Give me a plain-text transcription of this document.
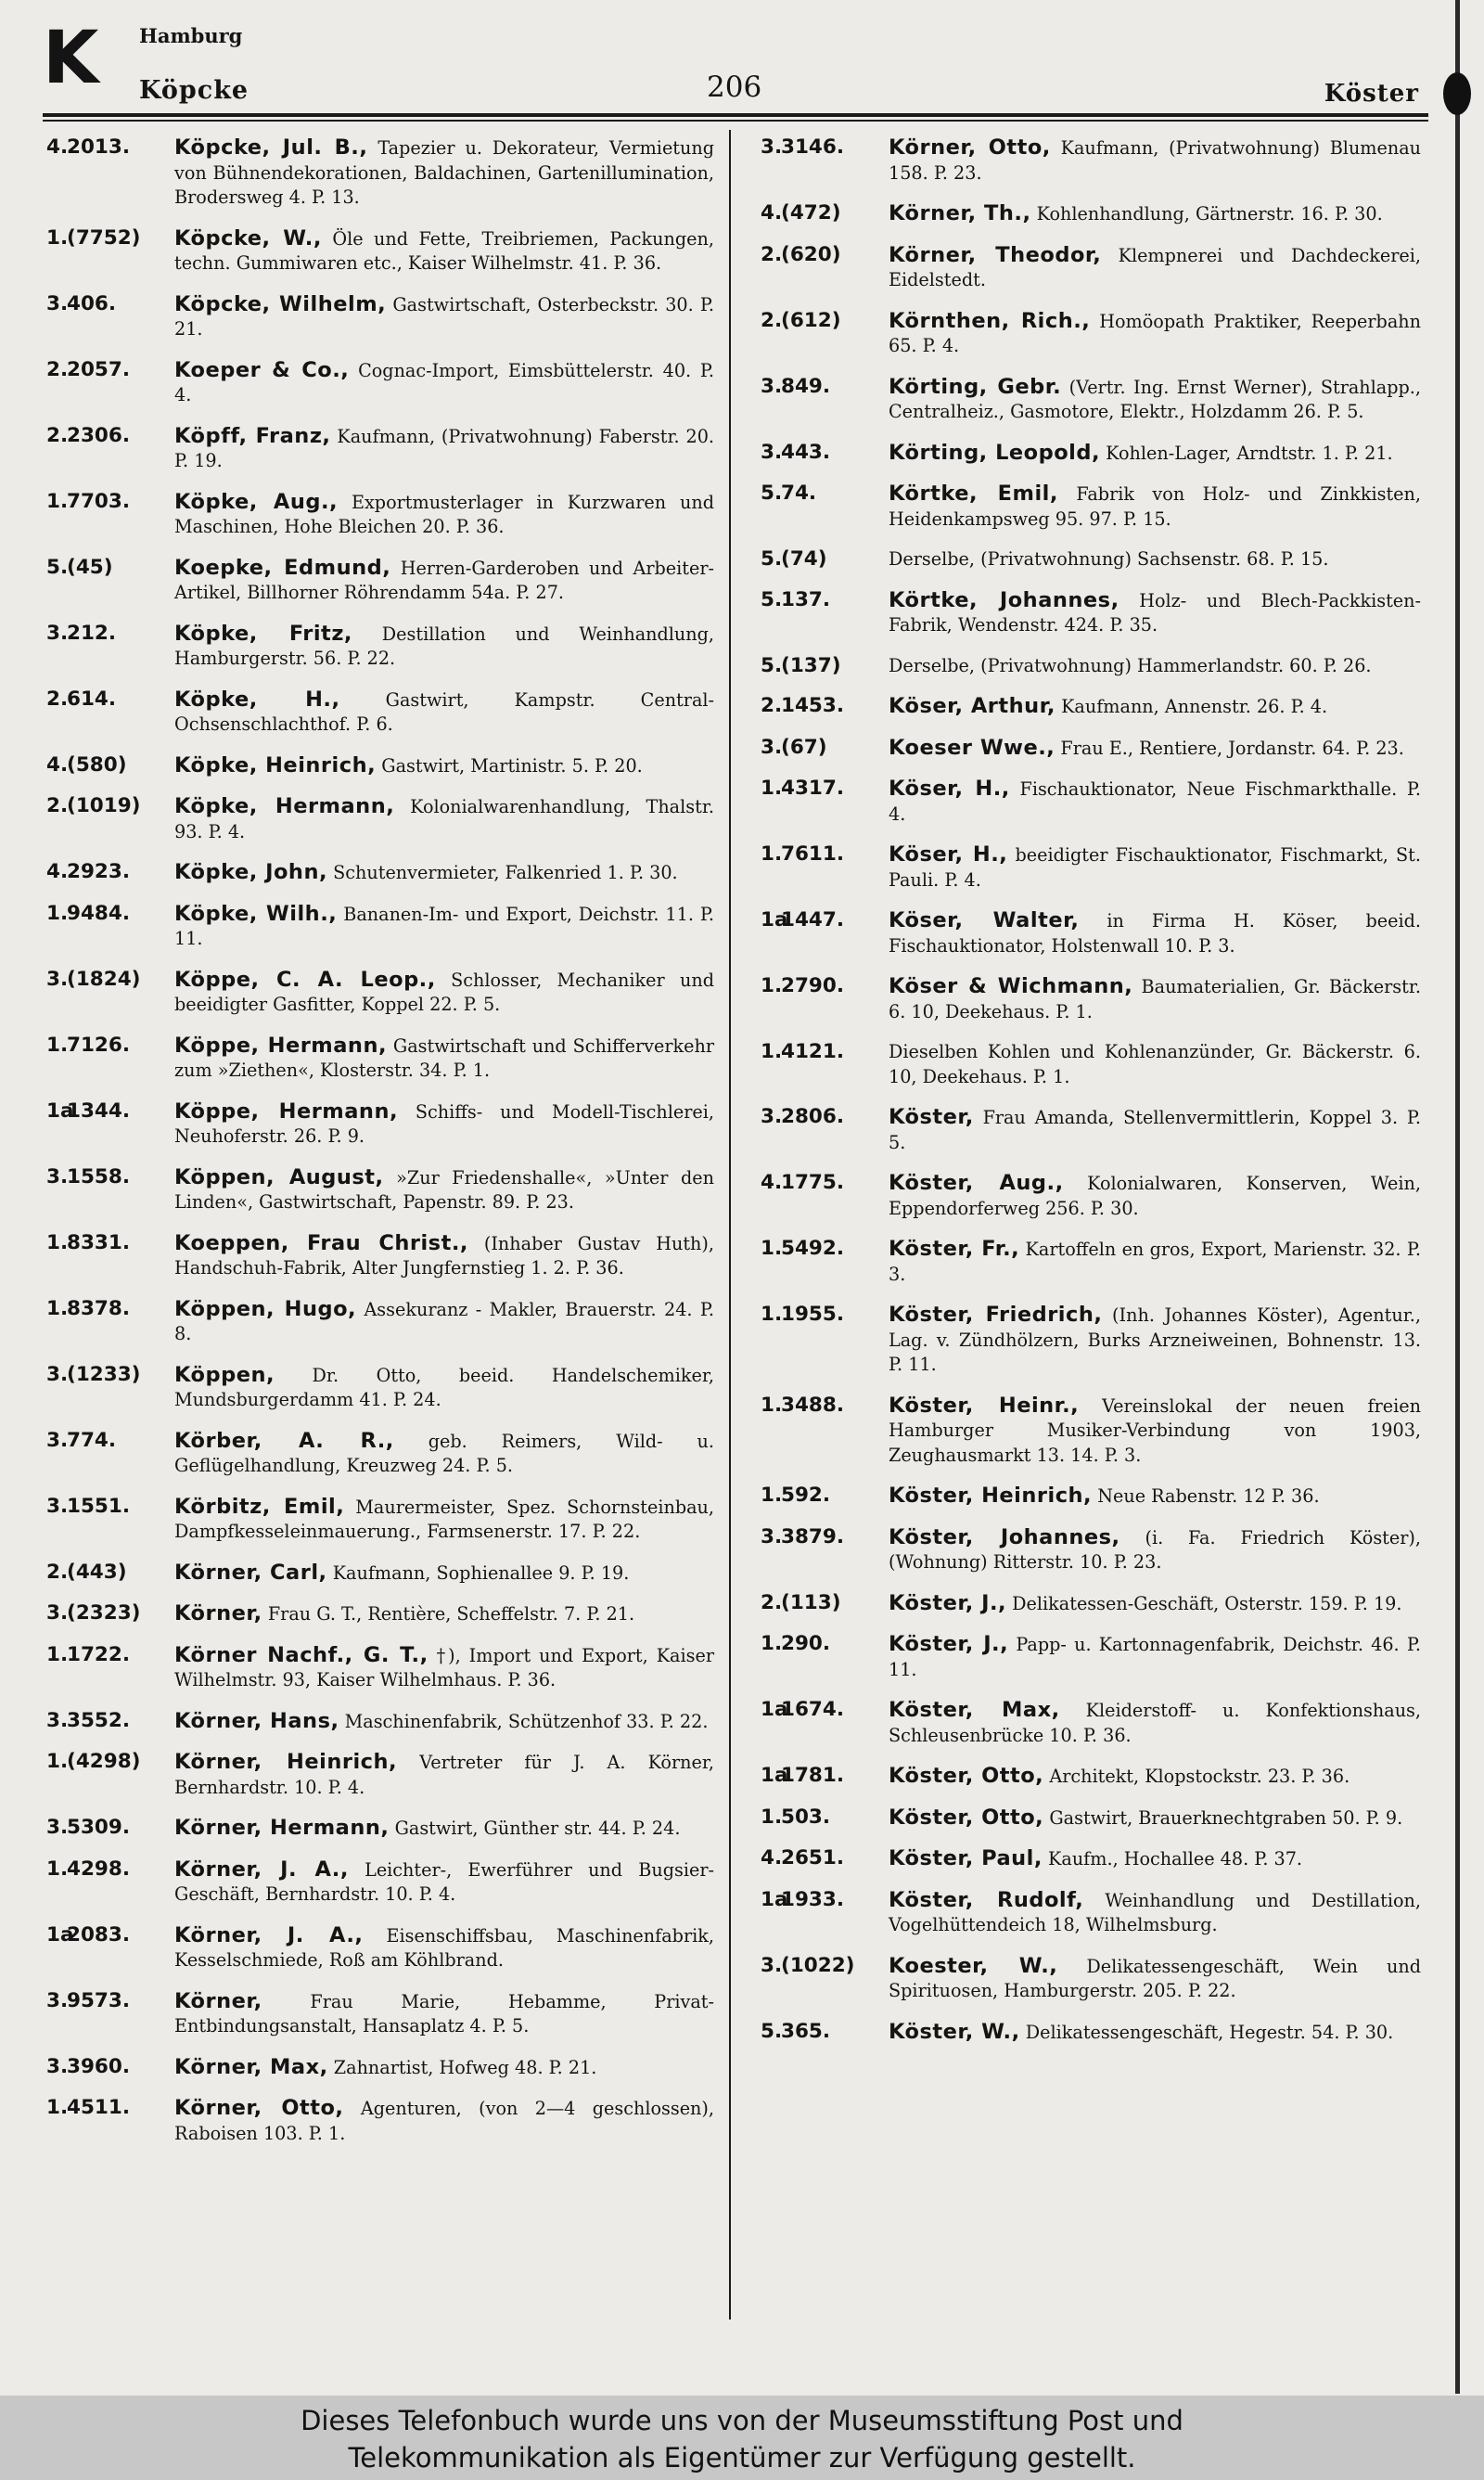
K Hamburg
Köpcke	206	Köster
4.2013.	Köpcke, Jul. B., Tapezier u. Dekorateur, Vermietung von Bühnendekorationen, Baldachinen, Gartenillumination, Brodersweg 4. P. 13.
1.(7752)	Köpcke, W., Öle und Fette, Treibriemen, Packungen, techn. Gummiwaren etc., Kaiser Wilhelmstr. 41. P. 36.
3.406.	Köpcke, Wilhelm, Gastwirtschaft, Osterbeckstr. 30. P. 21.
2.2057.	Koeper & Co., Cognac-Import, Eimsbüttelerstr. 40. P. 4.
2.2306.	Köpff, Franz, Kaufmann, (Privatwohnung) Faberstr. 20. P. 19.
1.7703.	Köpke, Aug., Exportmusterlager in Kurzwaren und Maschinen, Hohe Bleichen 20. P. 36.
5.(45)	Koepke, Edmund, Herren-Garderoben und Arbeiter-Artikel, Billhorner Röhrendamm 54a. P. 27.
3.212.	Köpke, Fritz, Destillation und Weinhandlung, Hamburgerstr. 56. P. 22.
2.614.	Köpke, H.,	Gastwirt, Kampstr. Central-Ochsenschlachthof. P. 6.
4.(580)	Köpke, Heinrich, Gastwirt, Martinistr. 5. P. 20.
2.(1019)	Köpke, Hermann, Kolonialwarenhandlung, Thalstr. 93. P. 4.
4.2923.	Köpke, John, Schutenvermieter, Falkenried 1. P. 30.
1.9484.	Köpke, Wilh., Bananen-Im- und Export, Deichstr. 11. P. 11.
3.(1824)	Köppe, C. A. Leop., Schlosser, Mechaniker und beeidigter Gasfitter, Koppel 22. P. 5.
1.7126.	Köppe, Hermann, Gastwirtschaft und Schifferverkehr zum »Ziethen«, Klosterstr. 34. P. 1.
1a1344.	Köppe, Hermann, Schiffs- und Modell-Tischlerei, Neuhoferstr. 26. P. 9.
3.1558.	Köppen, August, »Zur Friedenshalle«, »Unter den Linden«, Gastwirtschaft, Papenstr. 89. P. 23.
1.8331.	Koeppen, Frau Christ., (Inhaber Gustav Huth), Handschuh-Fabrik, Alter Jungfernstieg 1. 2. P. 36.
1.8378.	Köppen, Hugo, Assekuranz - Makler, Brauerstr. 24. P. 8.
3.(1233)	Köppen, Dr. Otto, beeid. Handelschemiker, Mundsburgerdamm 41. P. 24.
3.774.	Körber, A. R., geb. Reimers, Wild- u. Geflügelhandlung, Kreuzweg 24. P. 5.
3.1551.	Körbitz, Emil, Maurermeister, Spez. Schornsteinbau, Dampfkesseleinmauerung., Farmsenerstr. 17. P. 22.
2.(443)	Körner, Carl, Kaufmann, Sophienallee 9. P. 19.
3.(2323)	Körner, Frau G. T., Rentière, Scheffelstr. 7. P. 21.
1.1722.	Körner Nachf., G. T., †), Import und Export, Kaiser Wilhelmstr. 93, Kaiser Wilhelmhaus. P. 36.
3.3552.	Körner, Hans, Maschinenfabrik, Schützenhof 33. P. 22.
1.(4298)	Körner, Heinrich, Vertreter für J. A. Körner, Bernhardstr. 10. P. 4.
3.5309.	Körner, Hermann, Gastwirt, Günther str. 44. P. 24.
1.4298.	Körner, J. A., Leichter-, Ewerführer und Bugsier-Geschäft, Bernhardstr. 10. P. 4.
1a2083.	Körner, J. A., Eisenschiffsbau, Maschinenfabrik, Kesselschmiede, Roß am Köhlbrand.
3.9573.	Körner,	Frau Marie, Hebamme, Privat-Entbindungsanstalt, Hansaplatz 4. P. 5.
3.3960.	Körner, Max, Zahnartist, Hofweg 48. P. 21.
1.4511.	Körner, Otto, Agenturen, (von 2—4 geschlossen), Raboisen 103. P. 1.
3.3146.	Körner, Otto, Kaufmann, (Privatwohnung) Blumenau 158. P. 23.
4.(472)	Körner, Th., Kohlenhandlung, Gärtnerstr. 16. P. 30.
2.(620)	Körner, Theodor, Klempnerei und Dachdeckerei, Eidelstedt.
2.(612)	Körnthen, Rich., Homöopath Praktiker, Reeperbahn 65. P. 4.
3.849.	Körting, Gebr. (Vertr. Ing. Ernst Werner), Strahlapp., Centralheiz., Gasmotore, Elektr., Holzdamm 26. P. 5.
3.443.	Körting, Leopold, Kohlen-Lager, Arndtstr. 1. P. 21.
5.74.	Körtke, Emil, Fabrik von Holz- und Zinkkisten, Heidenkampsweg 95. 97. P. 15.
5.(74)	Derselbe, (Privatwohnung) Sachsenstr. 68. P. 15.
5.137.	Körtke, Johannes, Holz- und Blech-Packkisten-Fabrik, Wendenstr. 424. P. 35.
5.(137)	Derselbe, (Privatwohnung) Hammerlandstr. 60. P. 26.
2.1453.	Köser, Arthur, Kaufmann, Annenstr. 26. P. 4.
3.(67)	Koeser Wwe., Frau E., Rentiere, Jordanstr. 64. P. 23.
1.4317.	Köser, H., Fischauktionator, Neue Fischmarkthalle. P. 4.
1.7611.	Köser, H., beeidigter Fischauktionator, Fischmarkt, St. Pauli. P. 4.
1a1447.	Köser, Walter, in Firma H. Köser, beeid. Fischauktionator, Holstenwall 10. P. 3.
1.2790.	Köser & Wichmann, Baumaterialien, Gr. Bäckerstr. 6. 10, Deekehaus. P. 1.
1.4121.	Dieselben Kohlen und Kohlenanzünder, Gr. Bäckerstr. 6. 10, Deekehaus. P. 1.
3.2806.	Köster, Frau Amanda, Stellenvermittlerin, Koppel 3. P. 5.
4.1775.	Köster, Aug., Kolonialwaren, Konserven, Wein, Eppendorferweg 256. P. 30.
1.5492.	Köster, Fr., Kartoffeln en gros, Export, Marienstr. 32. P. 3.
1.1955.	Köster, Friedrich, (Inh. Johannes Köster), Agentur., Lag. v. Zündhölzern, Burks Arzneiweinen, Bohnenstr. 13. P. 11.
1.3488.	Köster, Heinr., Vereinslokal der neuen freien Hamburger Musiker-Verbindung von 1903, Zeughausmarkt 13. 14. P. 3.
1.592.	Köster, Heinrich, Neue Rabenstr. 12 P. 36.
3.3879.	Köster, Johannes, (i. Fa. Friedrich Köster), (Wohnung) Ritterstr. 10. P. 23.
2.(113)	Köster, J., Delikatessen-Geschäft, Osterstr. 159. P. 19.
1.290.	Köster, J., Papp- u. Kartonnagenfabrik, Deichstr. 46. P. 11.
1a1674.	Köster, Max, Kleiderstoff- u. Konfektionshaus, Schleusenbrücke 10. P. 36.
1a1781.	Köster, Otto, Architekt, Klopstockstr. 23. P. 36.
1.503.	Köster, Otto, Gastwirt, Brauerknechtgraben 50. P. 9.
4.2651.	Köster, Paul, Kaufm., Hochallee 48. P. 37.
1a1933.	Köster, Rudolf, Weinhandlung und Destillation, Vogelhüttendeich 18, Wilhelmsburg.
3.(1022)	Koester, W., Delikatessengeschäft, Wein und Spirituosen, Hamburgerstr. 205. P. 22.
5.365.	Köster, W., Delikatessengeschäft, Hegestr. 54. P. 30.
Dieses Telefonbuch wurde uns von der Museumsstiftung Post und
Telekommunikation als Eigentümer zur Verfügung gestellt.
